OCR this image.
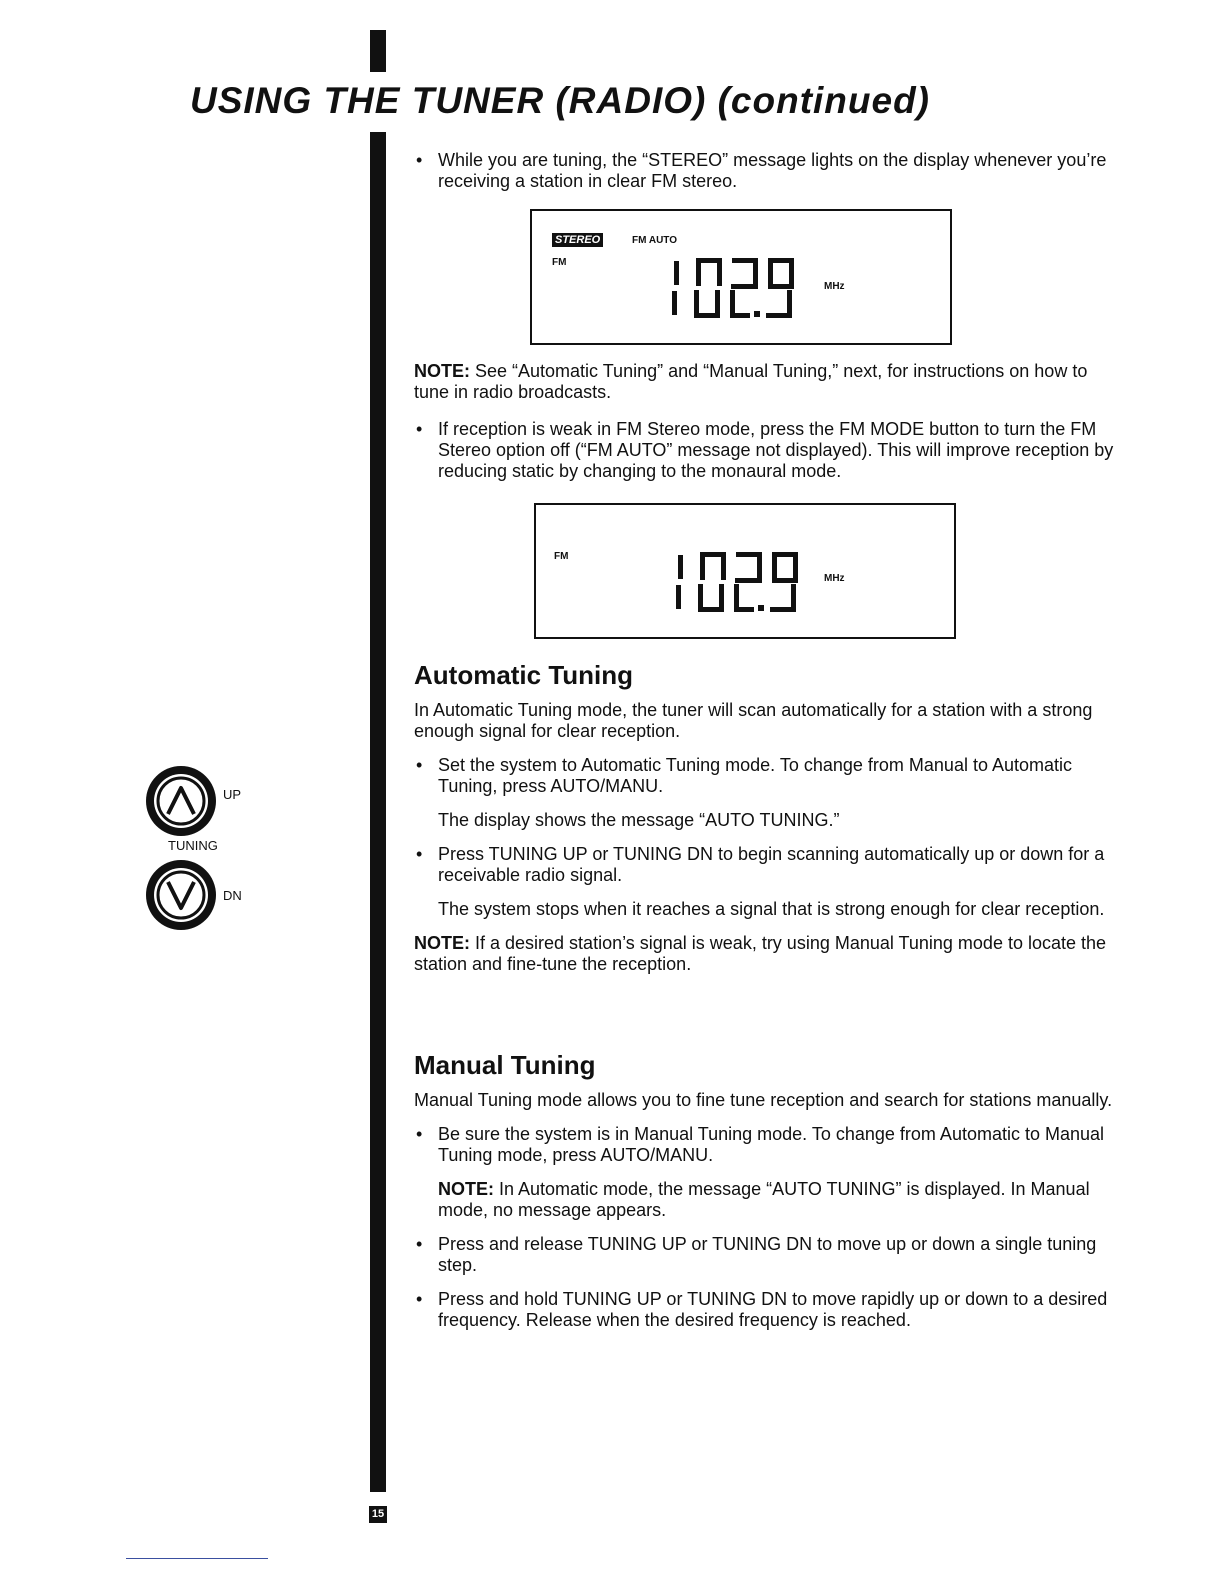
USING THE TUNER (RADIO) (continued)
• While you are tuning, the “STEREO” message lights on the display whenever you’re receiving a station in clear FM stereo.
STEREO	FM AUTO
FM
MHz
NOTE: See “Automatic Tuning” and “Manual Tuning,” next, for instructions on how to tune in radio broadcasts.
• If reception is weak in FM Stereo mode, press the FM MODE button to turn the FM Stereo option off (“FM AUTO” message not displayed). This will improve reception by reducing static by changing to the monaural mode.
FM
MHz
Automatic Tuning
In Automatic Tuning mode, the tuner will scan automatically for a station with a strong enough signal for clear reception.
• Set the system to Automatic Tuning mode. To change from Manual to Automatic Tuning, press AUTO/MANU.
The display shows the message “AUTO TUNING.”
• Press TUNING UP or TUNING DN to begin scanning automatically up or down for a receivable radio signal.
The system stops when it reaches a signal that is strong enough for clear reception.
NOTE: If a desired station’s signal is weak, try using Manual Tuning mode to locate the station and fine-tune the reception.
Manual Tuning
Manual Tuning mode allows you to fine tune reception and search for stations manually.
• Be sure the system is in Manual Tuning mode. To change from Automatic to Manual Tuning mode, press AUTO/MANU.
NOTE: In Automatic mode, the message “AUTO TUNING” is displayed. In Manual mode, no message appears.
• Press and release TUNING UP or TUNING DN to move up or down a single tuning step.
• Press and hold TUNING UP or TUNING DN to move rapidly up or down to a desired frequency. Release when the desired frequency is reached.
UP
TUNING
DN
15
